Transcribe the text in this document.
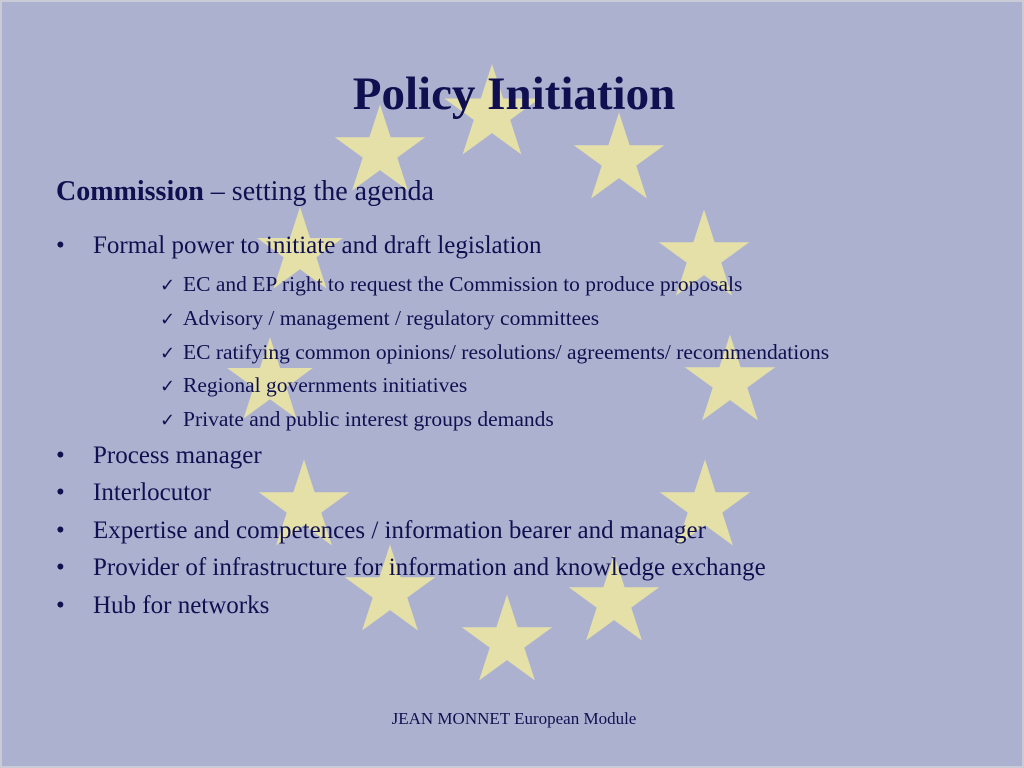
Policy Initiation
Commission – setting the agenda
• Formal power to initiate and draft legislation
✓ EC and EP right to request the Commission to produce proposals
✓ Advisory / management / regulatory committees
✓ EC ratifying common opinions/ resolutions/ agreements/ recommendations
✓ Regional governments initiatives
✓ Private and public interest groups demands
• Process manager
• Interlocutor
• Expertise and competences / information bearer and manager
• Provider of infrastructure for information and knowledge exchange
• Hub for networks
JEAN MONNET European Module
